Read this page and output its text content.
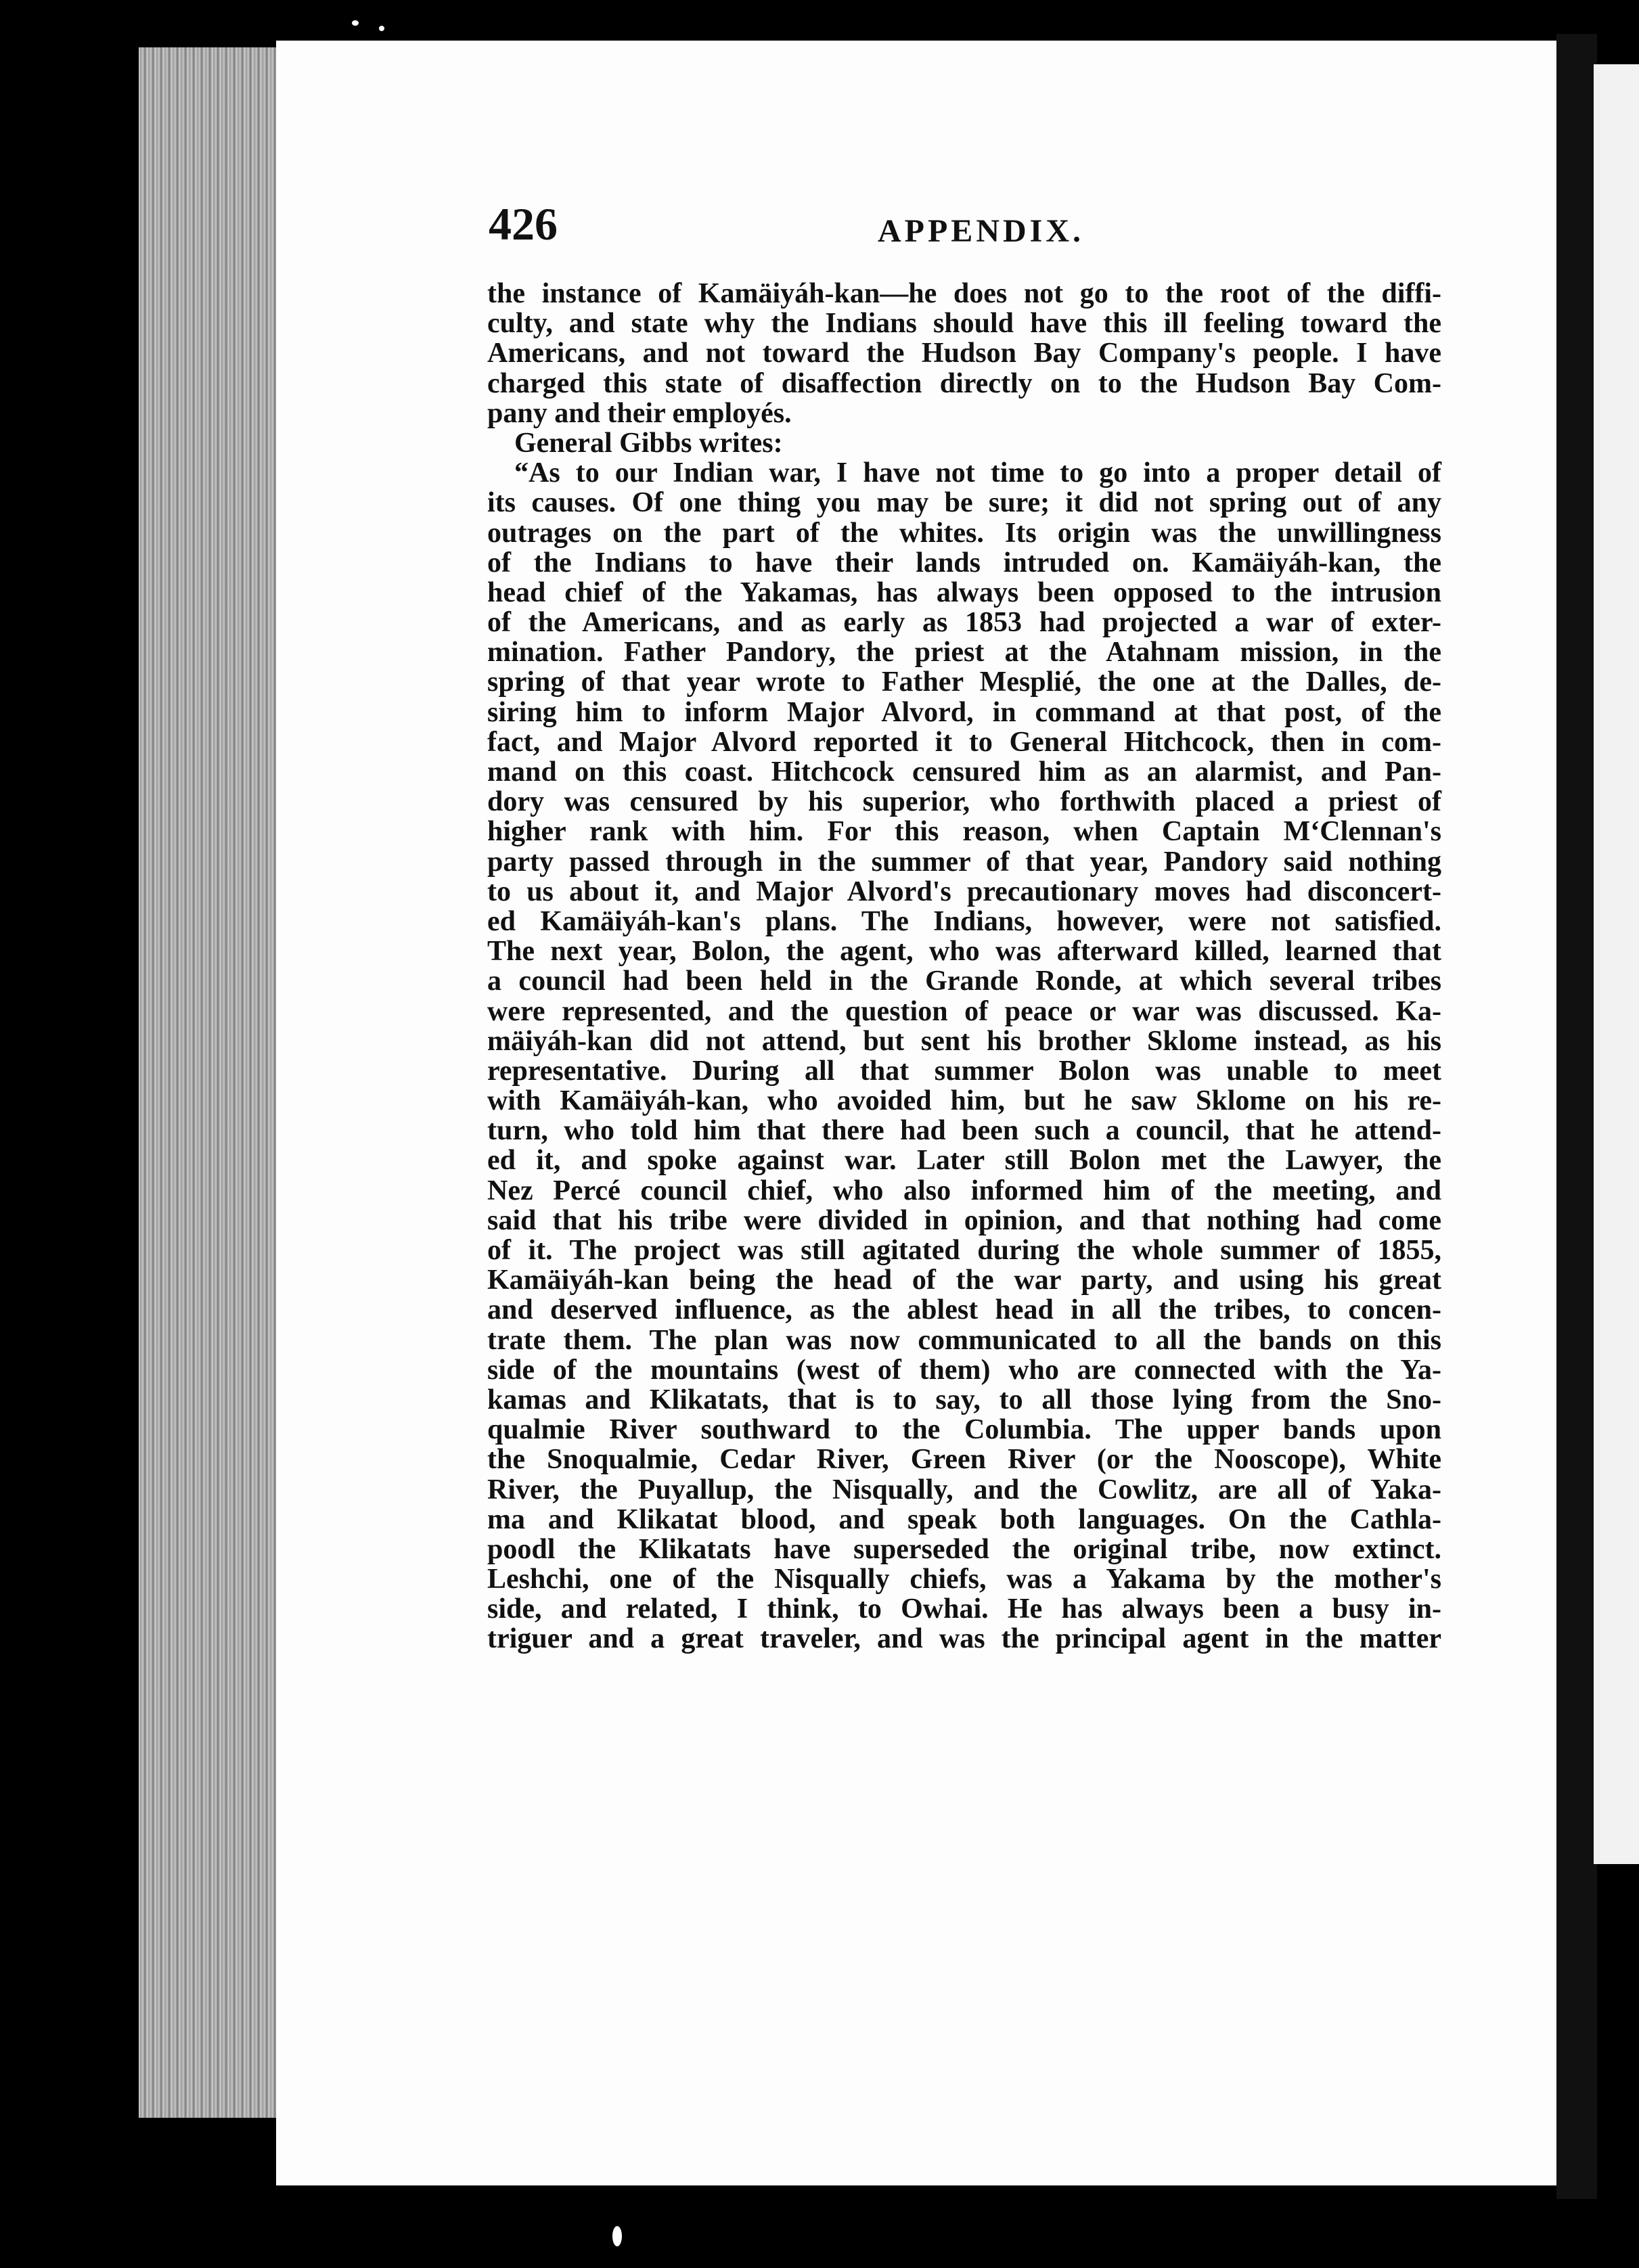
426	APPENDIX.
the instance of Kamäiyáh-kan—he does not go to the root of the diffi-
culty, and state why the Indians should have this ill feeling toward the
Americans, and not toward the Hudson Bay Company's people. I have
charged this state of disaffection directly on to the Hudson Bay Com-
pany and their employés.
General Gibbs writes:
“As to our Indian war, I have not time to go into a proper detail of
its causes. Of one thing you may be sure; it did not spring out of any
outrages on the part of the whites. Its origin was the unwillingness
of the Indians to have their lands intruded on. Kamäiyáh-kan, the
head chief of the Yakamas, has always been opposed to the intrusion
of the Americans, and as early as 1853 had projected a war of exter-
mination. Father Pandory, the priest at the Atahnam mission, in the
spring of that year wrote to Father Mesplié, the one at the Dalles, de-
siring him to inform Major Alvord, in command at that post, of the
fact, and Major Alvord reported it to General Hitchcock, then in com-
mand on this coast. Hitchcock censured him as an alarmist, and Pan-
dory was censured by his superior, who forthwith placed a priest of
higher rank with him. For this reason, when Captain M‘Clennan's
party passed through in the summer of that year, Pandory said nothing
to us about it, and Major Alvord's precautionary moves had disconcert-
ed Kamäiyáh-kan's plans. The Indians, however, were not satisfied.
The next year, Bolon, the agent, who was afterward killed, learned that
a council had been held in the Grande Ronde, at which several tribes
were represented, and the question of peace or war was discussed. Ka-
mäiyáh-kan did not attend, but sent his brother Sklome instead, as his
representative. During all that summer Bolon was unable to meet
with Kamäiyáh-kan, who avoided him, but he saw Sklome on his re-
turn, who told him that there had been such a council, that he attend-
ed it, and spoke against war. Later still Bolon met the Lawyer, the
Nez Percé council chief, who also informed him of the meeting, and
said that his tribe were divided in opinion, and that nothing had come
of it. The project was still agitated during the whole summer of 1855,
Kamäiyáh-kan being the head of the war party, and using his great
and deserved influence, as the ablest head in all the tribes, to concen-
trate them. The plan was now communicated to all the bands on this
side of the mountains (west of them) who are connected with the Ya-
kamas and Klikatats, that is to say, to all those lying from the Sno-
qualmie River southward to the Columbia. The upper bands upon
the Snoqualmie, Cedar River, Green River (or the Nooscope), White
River, the Puyallup, the Nisqually, and the Cowlitz, are all of Yaka-
ma and Klikatat blood, and speak both languages. On the Cathla-
poodl the Klikatats have superseded the original tribe, now extinct.
Leshchi, one of the Nisqually chiefs, was a Yakama by the mother's
side, and related, I think, to Owhai. He has always been a busy in-
triguer and a great traveler, and was the principal agent in the matter
